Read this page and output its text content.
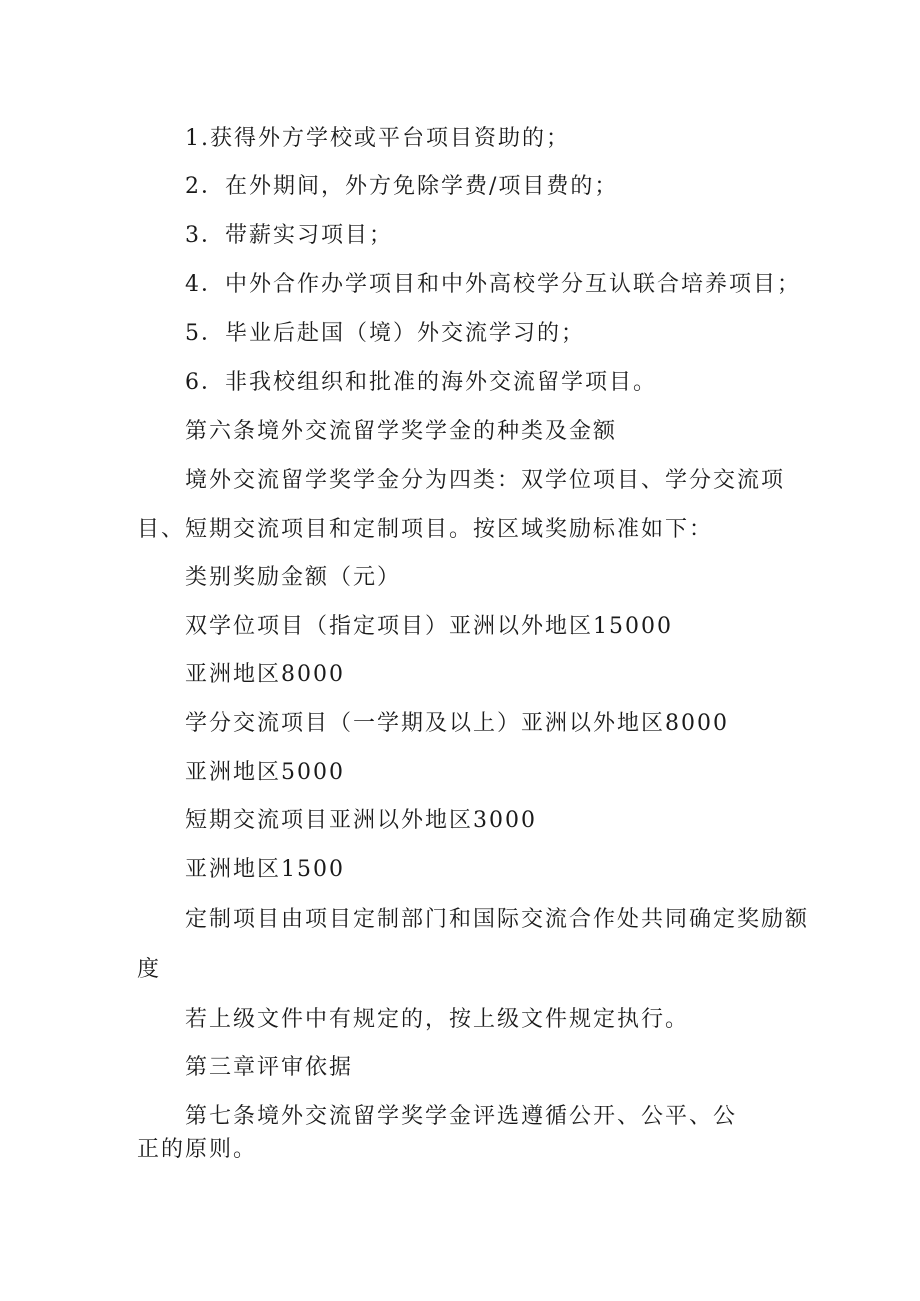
1.获得外方学校或平台项目资助的；
2．在外期间，外方免除学费/项目费的；
3．带薪实习项目；
4．中外合作办学项目和中外高校学分互认联合培养项目；
5．毕业后赴国（境）外交流学习的；
6．非我校组织和批准的海外交流留学项目。
第六条境外交流留学奖学金的种类及金额
境外交流留学奖学金分为四类：双学位项目、学分交流项
目、短期交流项目和定制项目。按区域奖励标准如下：
类别奖励金额（元）
双学位项目（指定项目）亚洲以外地区15000
亚洲地区8000
学分交流项目（一学期及以上）亚洲以外地区8000
亚洲地区5000
短期交流项目亚洲以外地区3000
亚洲地区1500
定制项目由项目定制部门和国际交流合作处共同确定奖励额
度
若上级文件中有规定的，按上级文件规定执行。
第三章评审依据
第七条境外交流留学奖学金评选遵循公开、公平、公
正的原则。
